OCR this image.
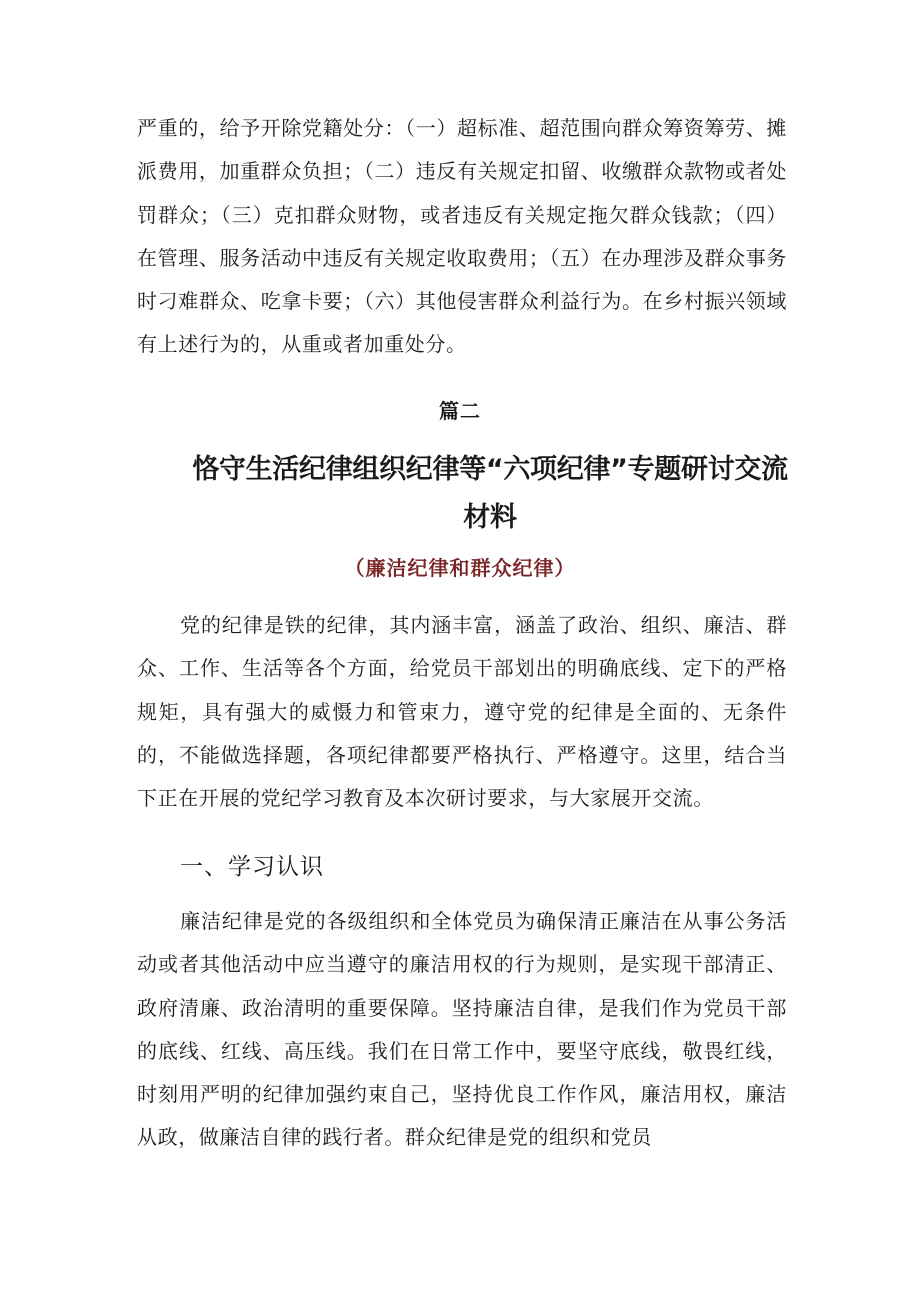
严重的，给予开除党籍处分：（一）超标准、超范围向群众筹资筹劳、摊派费用，加重群众负担；（二）违反有关规定扣留、收缴群众款物或者处罚群众；（三）克扣群众财物，或者违反有关规定拖欠群众钱款；（四）在管理、服务活动中违反有关规定收取费用；（五）在办理涉及群众事务时刁难群众、吃拿卡要；（六）其他侵害群众利益行为。在乡村振兴领域有上述行为的，从重或者加重处分。

篇二
恪守生活纪律组织纪律等“六项纪律”专题研讨交流材料
（廉洁纪律和群众纪律）

党的纪律是铁的纪律，其内涵丰富，涵盖了政治、组织、廉洁、群众、工作、生活等各个方面，给党员干部划出的明确底线、定下的严格规矩，具有强大的威慑力和管束力，遵守党的纪律是全面的、无条件的，不能做选择题，各项纪律都要严格执行、严格遵守。这里，结合当下正在开展的党纪学习教育及本次研讨要求，与大家展开交流。

一、学习认识

廉洁纪律是党的各级组织和全体党员为确保清正廉洁在从事公务活动或者其他活动中应当遵守的廉洁用权的行为规则，是实现干部清正、政府清廉、政治清明的重要保障。坚持廉洁自律，是我们作为党员干部的底线、红线、高压线。我们在日常工作中，要坚守底线，敬畏红线，时刻用严明的纪律加强约束自己，坚持优良工作作风，廉洁用权，廉洁从政，做廉洁自律的践行者。群众纪律是党的组织和党员
